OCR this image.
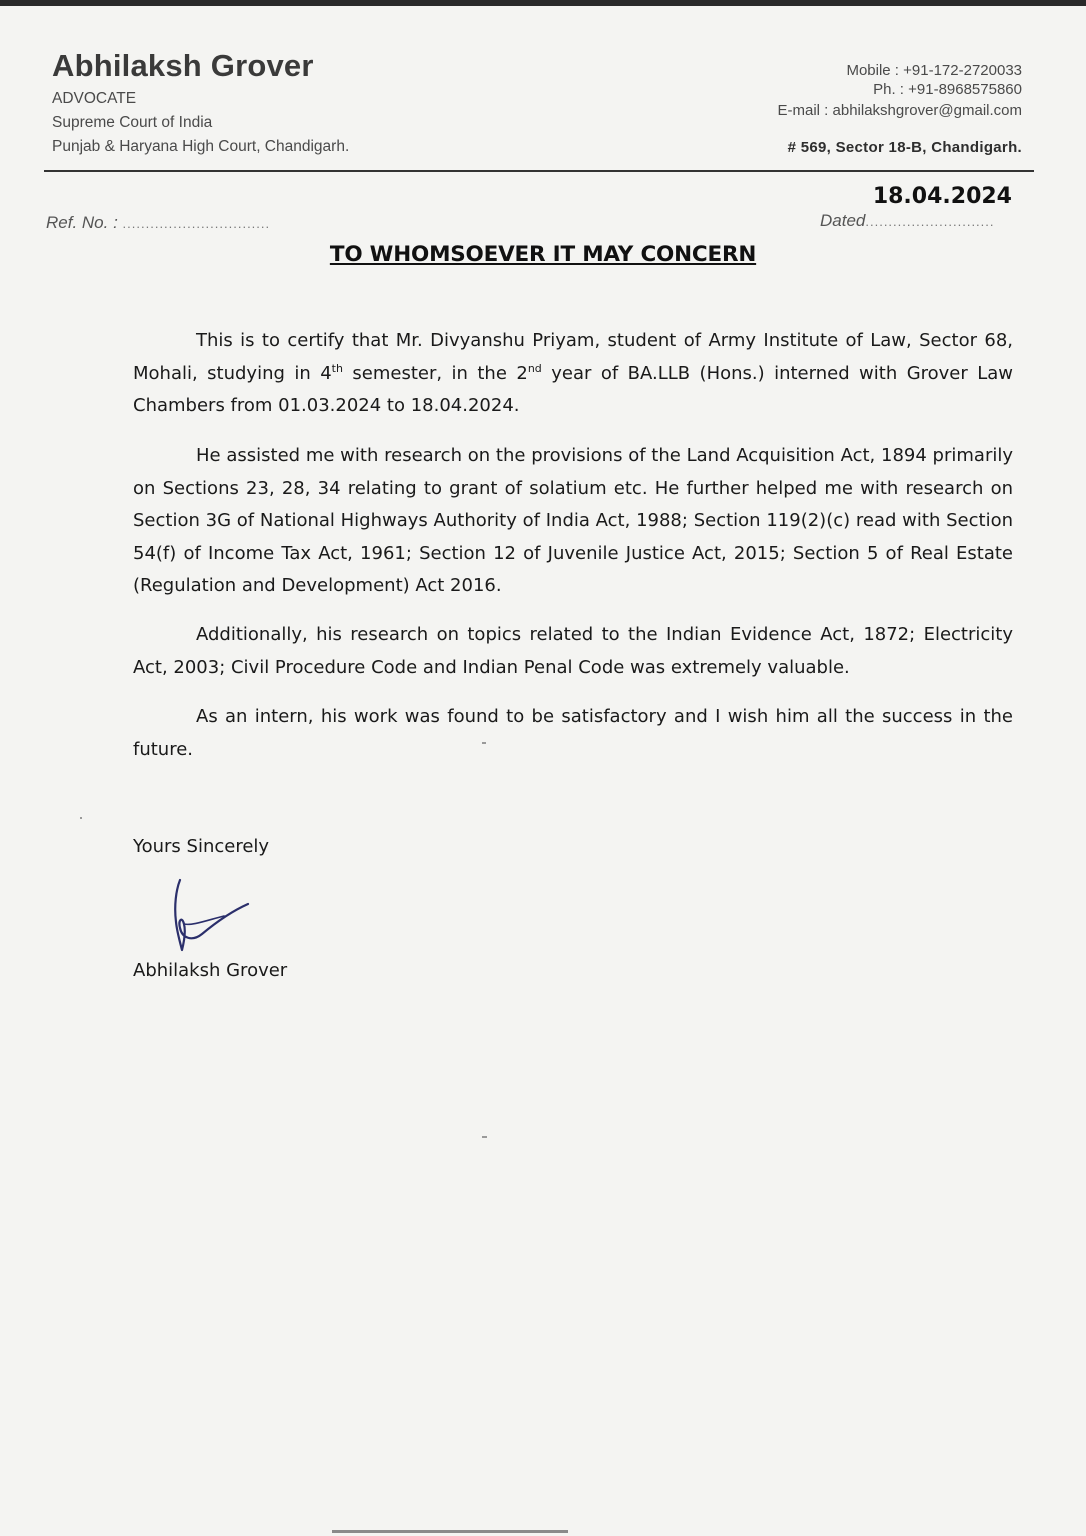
Abhilaksh Grover
ADVOCATE
Supreme Court of India
Punjab & Haryana High Court, Chandigarh.
Mobile : +91-172-2720033
Ph. : +91-8968575860
E-mail : abhilakshgrover@gmail.com
# 569, Sector 18-B, Chandigarh.
Ref. No. : ................................
18.04.2024
Dated............................
TO WHOMSOEVER IT MAY CONCERN

This is to certify that Mr. Divyanshu Priyam, student of Army Institute of Law, Sector 68, Mohali, studying in 4th semester, in the 2nd year of BA.LLB (Hons.) interned with Grover Law Chambers from 01.03.2024 to 18.04.2024.

He assisted me with research on the provisions of the Land Acquisition Act, 1894 primarily on Sections 23, 28, 34 relating to grant of solatium etc. He further helped me with research on Section 3G of National Highways Authority of India Act, 1988; Section 119(2)(c) read with Section 54(f) of Income Tax Act, 1961; Section 12 of Juvenile Justice Act, 2015; Section 5 of Real Estate (Regulation and Development) Act 2016.

Additionally, his research on topics related to the Indian Evidence Act, 1872; Electricity Act, 2003; Civil Procedure Code and Indian Penal Code was extremely valuable.

As an intern, his work was found to be satisfactory and I wish him all the success in the future.

Yours Sincerely
Abhilaksh Grover
